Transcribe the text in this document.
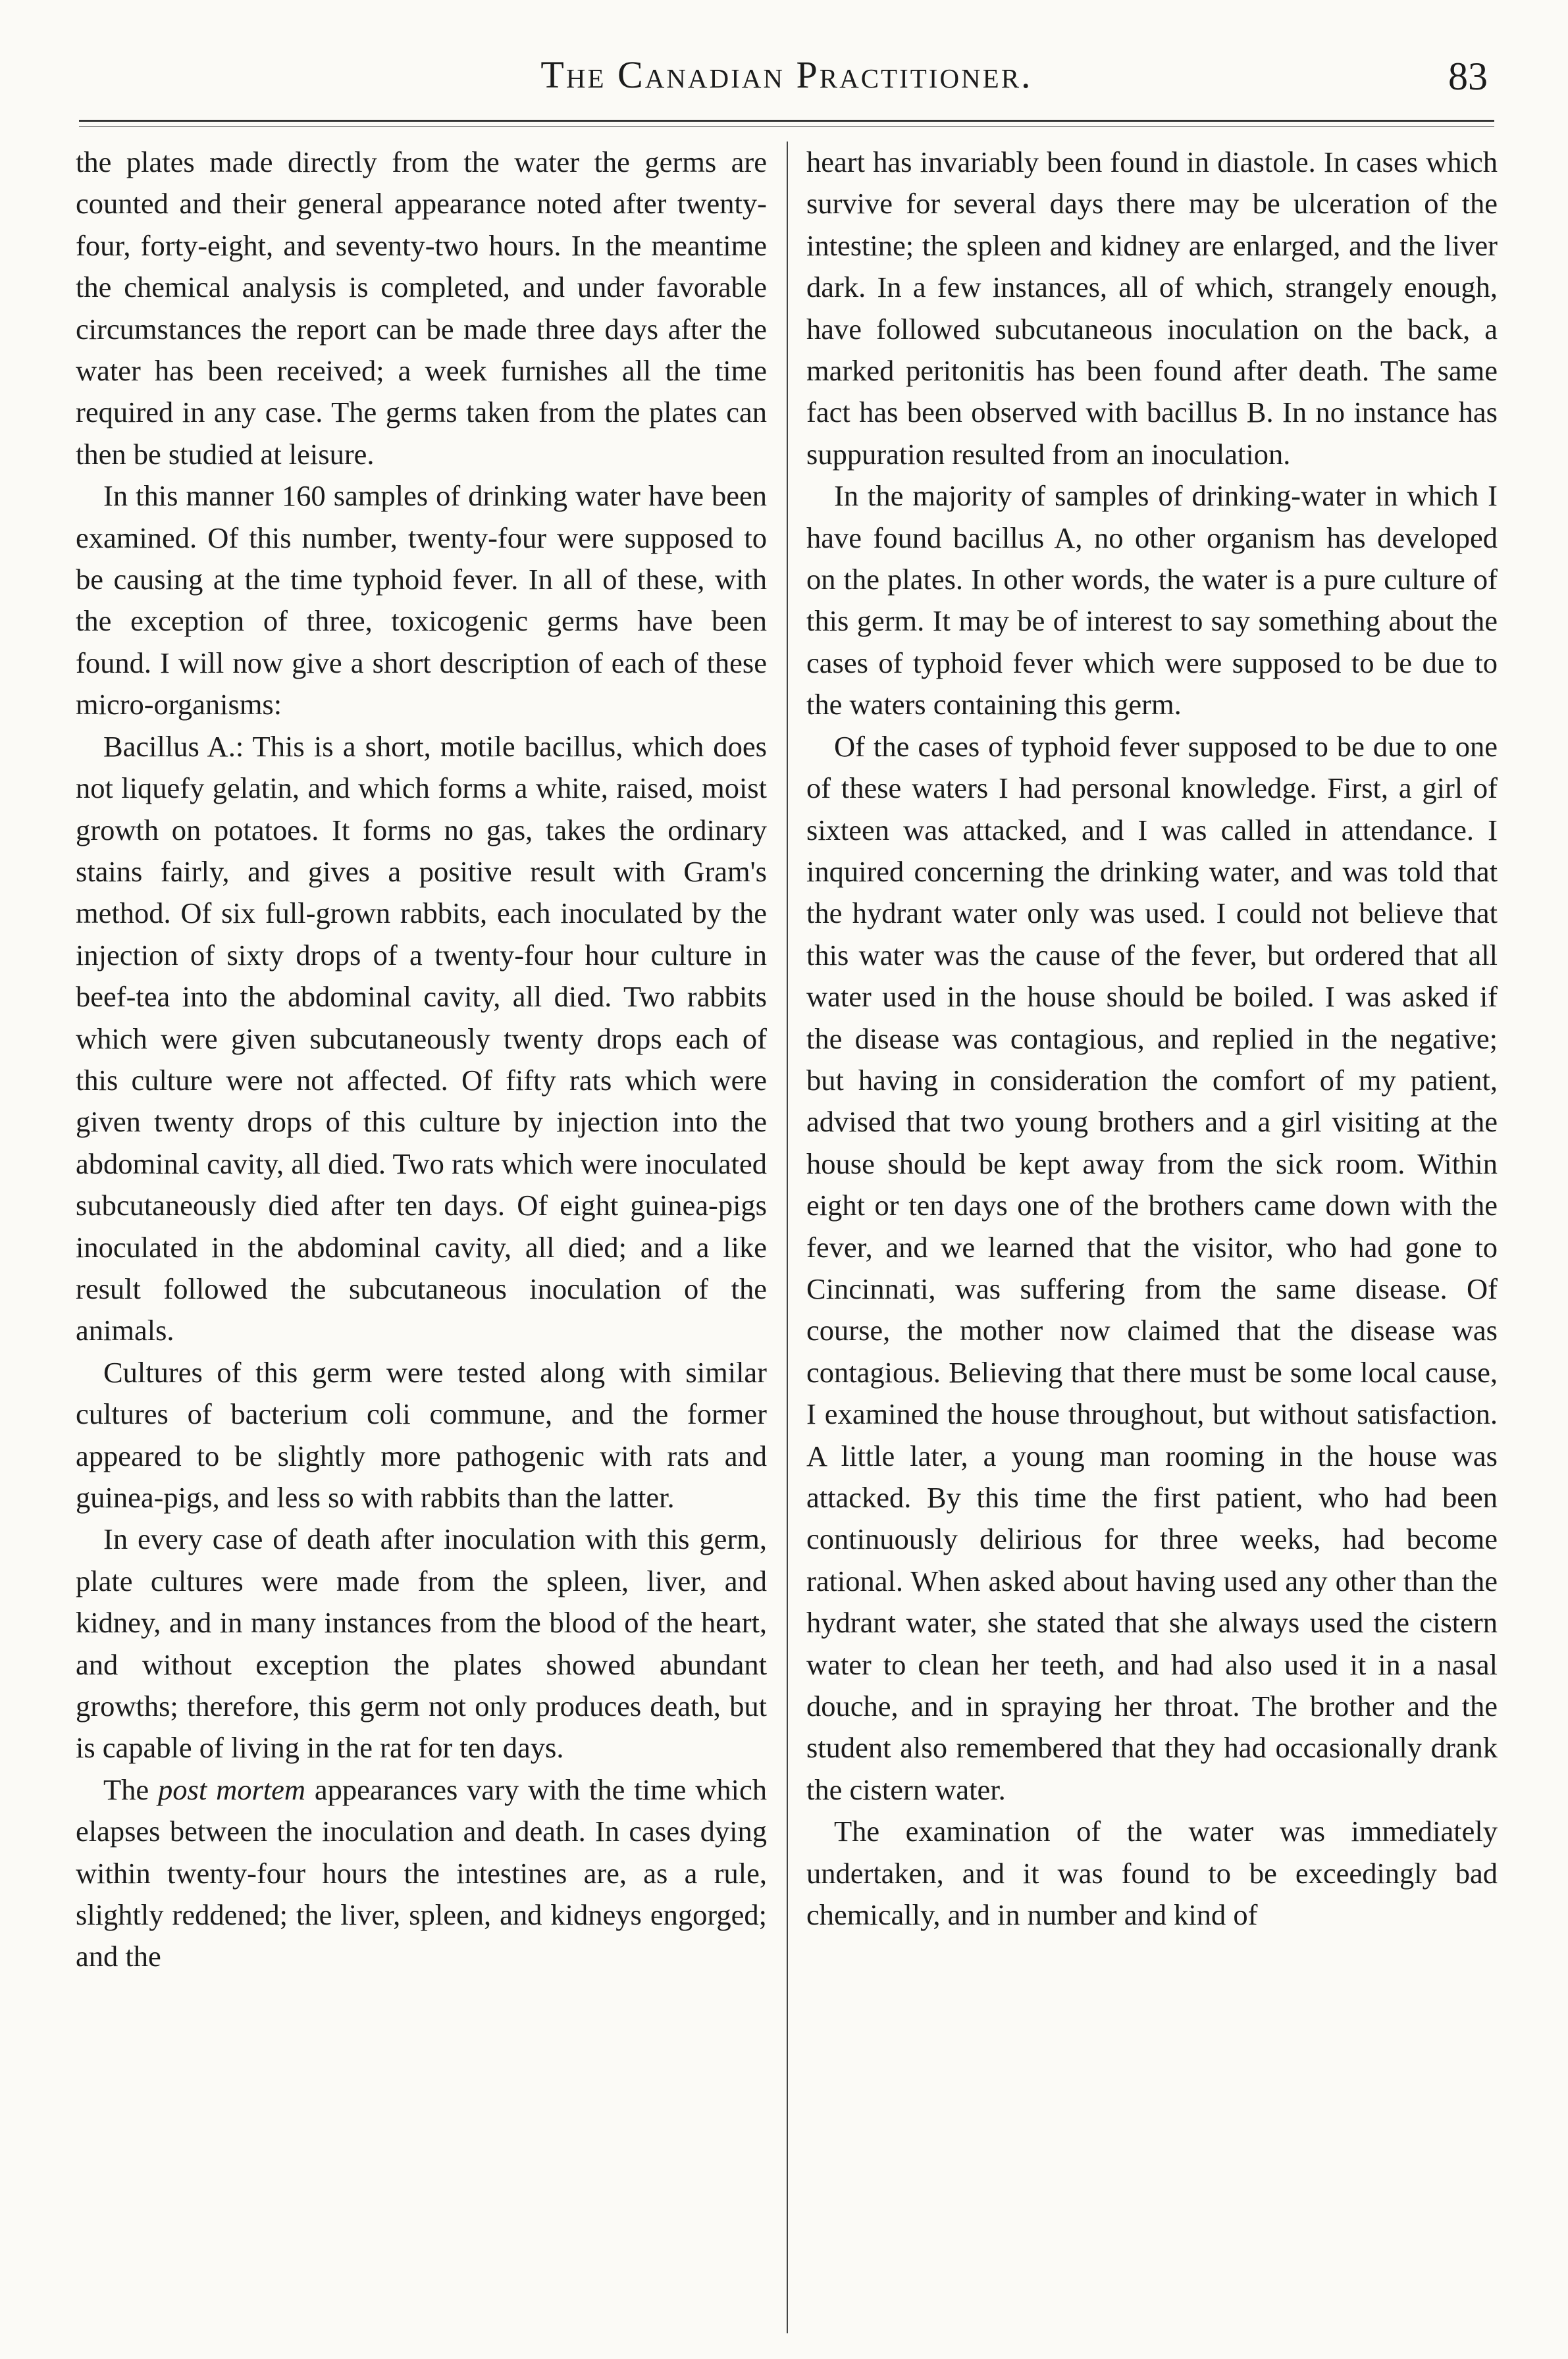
The Canadian Practitioner.	83

the plates made directly from the water the germs are counted and their general appearance noted after twenty-four, forty-eight, and seventy-two hours. In the meantime the chemical analysis is completed, and under favorable circumstances the report can be made three days after the water has been received; a week furnishes all the time required in any case. The germs taken from the plates can then be studied at leisure.

In this manner 160 samples of drinking water have been examined. Of this number, twenty-four were supposed to be causing at the time typhoid fever. In all of these, with the exception of three, toxicogenic germs have been found. I will now give a short description of each of these micro-organisms:

Bacillus A.: This is a short, motile bacillus, which does not liquefy gelatin, and which forms a white, raised, moist growth on potatoes. It forms no gas, takes the ordinary stains fairly, and gives a positive result with Gram's method. Of six full-grown rabbits, each inoculated by the injection of sixty drops of a twenty-four hour culture in beef-tea into the abdominal cavity, all died. Two rabbits which were given subcutaneously twenty drops each of this culture were not affected. Of fifty rats which were given twenty drops of this culture by injection into the abdominal cavity, all died. Two rats which were inoculated subcutaneously died after ten days. Of eight guinea-pigs inoculated in the abdominal cavity, all died; and a like result followed the subcutaneous inoculation of the animals.

Cultures of this germ were tested along with similar cultures of bacterium coli commune, and the former appeared to be slightly more pathogenic with rats and guinea-pigs, and less so with rabbits than the latter.

In every case of death after inoculation with this germ, plate cultures were made from the spleen, liver, and kidney, and in many instances from the blood of the heart, and without exception the plates showed abundant growths; therefore, this germ not only produces death, but is capable of living in the rat for ten days.

The post mortem appearances vary with the time which elapses between the inoculation and death. In cases dying within twenty-four hours the intestines are, as a rule, slightly reddened; the liver, spleen, and kidneys engorged; and the

heart has invariably been found in diastole. In cases which survive for several days there may be ulceration of the intestine; the spleen and kidney are enlarged, and the liver dark. In a few instances, all of which, strangely enough, have followed subcutaneous inoculation on the back, a marked peritonitis has been found after death. The same fact has been observed with bacillus B. In no instance has suppuration resulted from an inoculation.

In the majority of samples of drinking-water in which I have found bacillus A, no other organism has developed on the plates. In other words, the water is a pure culture of this germ. It may be of interest to say something about the cases of typhoid fever which were supposed to be due to the waters containing this germ.

Of the cases of typhoid fever supposed to be due to one of these waters I had personal knowledge. First, a girl of sixteen was attacked, and I was called in attendance. I inquired concerning the drinking water, and was told that the hydrant water only was used. I could not believe that this water was the cause of the fever, but ordered that all water used in the house should be boiled. I was asked if the disease was contagious, and replied in the negative; but having in consideration the comfort of my patient, advised that two young brothers and a girl visiting at the house should be kept away from the sick room. Within eight or ten days one of the brothers came down with the fever, and we learned that the visitor, who had gone to Cincinnati, was suffering from the same disease. Of course, the mother now claimed that the disease was contagious. Believing that there must be some local cause, I examined the house throughout, but without satisfaction. A little later, a young man rooming in the house was attacked. By this time the first patient, who had been continuously delirious for three weeks, had become rational. When asked about having used any other than the hydrant water, she stated that she always used the cistern water to clean her teeth, and had also used it in a nasal douche, and in spraying her throat. The brother and the student also remembered that they had occasionally drank the cistern water.

The examination of the water was immediately undertaken, and it was found to be exceedingly bad chemically, and in number and kind of
